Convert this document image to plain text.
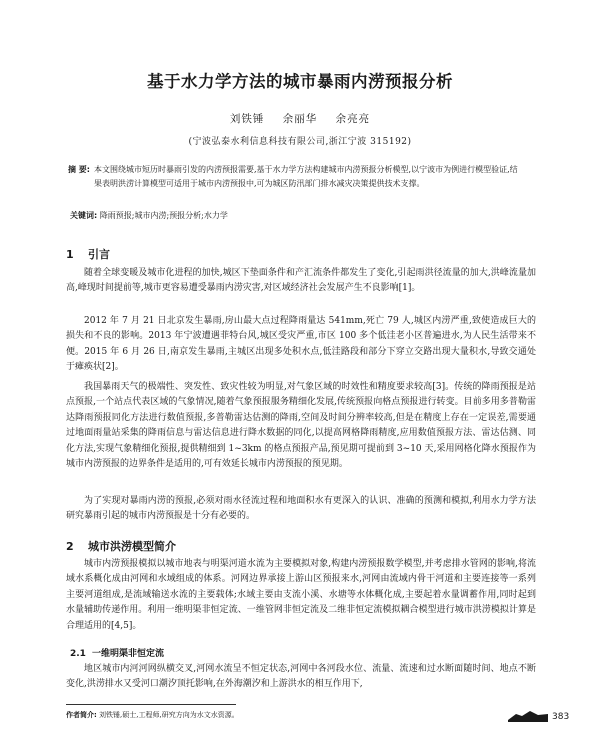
基于水力学方法的城市暴雨内涝预报分析
刘铁锤 余丽华 余亮亮
(宁波弘泰水利信息科技有限公司,浙江宁波 315192)
摘 要: 本文围绕城市短历时暴雨引发的内涝预报需要,基于水力学方法构建城市内涝预报分析模型,以宁波市为例进行模型验证,结果表明洪涝计算模型可适用于城市内涝预报中,可为城区防汛部门排水减灾决策提供技术支撑。
关键词: 降雨预报;城市内涝;预报分析;水力学
1 引言
随着全球变暖及城市化进程的加快,城区下垫面条件和产汇流条件都发生了变化,引起雨洪径流量的加大,洪峰流量加高,峰现时间提前等,城市更容易遭受暴雨内涝灾害,对区域经济社会发展产生不良影响[1]。
2012 年 7 月 21 日北京发生暴雨,房山最大点过程降雨量达 541mm,死亡 79 人,城区内涝严重,致使造成巨大的损失和不良的影响。2013 年宁波遭遇菲特台风,城区受灾严重,市区 100 多个低洼老小区普遍进水,为人民生活带来不便。2015 年 6 月 26 日,南京发生暴雨,主城区出现多处积水点,低洼路段和部分下穿立交路出现大量积水,导致交通处于瘫痪状[2]。
我国暴雨天气的极端性、突发性、致灾性较为明显,对气象区域的时效性和精度要求较高[3]。传统的降雨预报是站点预报,一个站点代表区域的气象情况,随着气象预报服务精细化发展,传统预报向格点预报进行转变。目前多用多普勒雷达降雨预报同化方法进行数值预报,多普勒雷达估测的降雨,空间及时间分辨率较高,但是在精度上存在一定误差,需要通过地面雨量站采集的降雨信息与雷达信息进行降水数据的同化,以提高网格降雨精度,应用数值预报方法、雷达估测、同化方法,实现气象精细化预报,提供精细到 1~3km 的格点预报产品,预见期可提前到 3~10 天,采用网格化降水预报作为城市内涝预报的边界条件是适用的,可有效延长城市内涝预报的预见期。
为了实现对暴雨内涝的预报,必须对雨水径流过程和地面积水有更深入的认识、准确的预测和模拟,利用水力学方法研究暴雨引起的城市内涝预报是十分有必要的。
2 城市洪涝模型简介
城市内涝预报模拟以城市地表与明渠河道水流为主要模拟对象,构建内涝预报数学模型,并考虑排水管网的影响,将流域水系概化成由河网和水域组成的体系。河网边界承接上游山区预报来水,河网由流域内骨干河道和主要连接等一系列主要河道组成,是流域输送水流的主要载体;水域主要由支流小溪、水塘等水体概化成,主要起着水量调蓄作用,同时起到水量辅助传递作用。利用一维明渠非恒定流、一维管网非恒定流及二维非恒定流模拟耦合模型进行城市洪涝模拟计算是合理适用的[4,5]。
2.1 一维明渠非恒定流
地区城市内河河网纵横交叉,河网水流呈不恒定状态,河网中各河段水位、流量、流速和过水断面随时间、地点不断变化,洪涝排水又受河口潮汐顶托影响,在外海潮汐和上游洪水的相互作用下,
作者简介: 刘铁锤,硕士,工程师,研究方向为水文水资源。	383
